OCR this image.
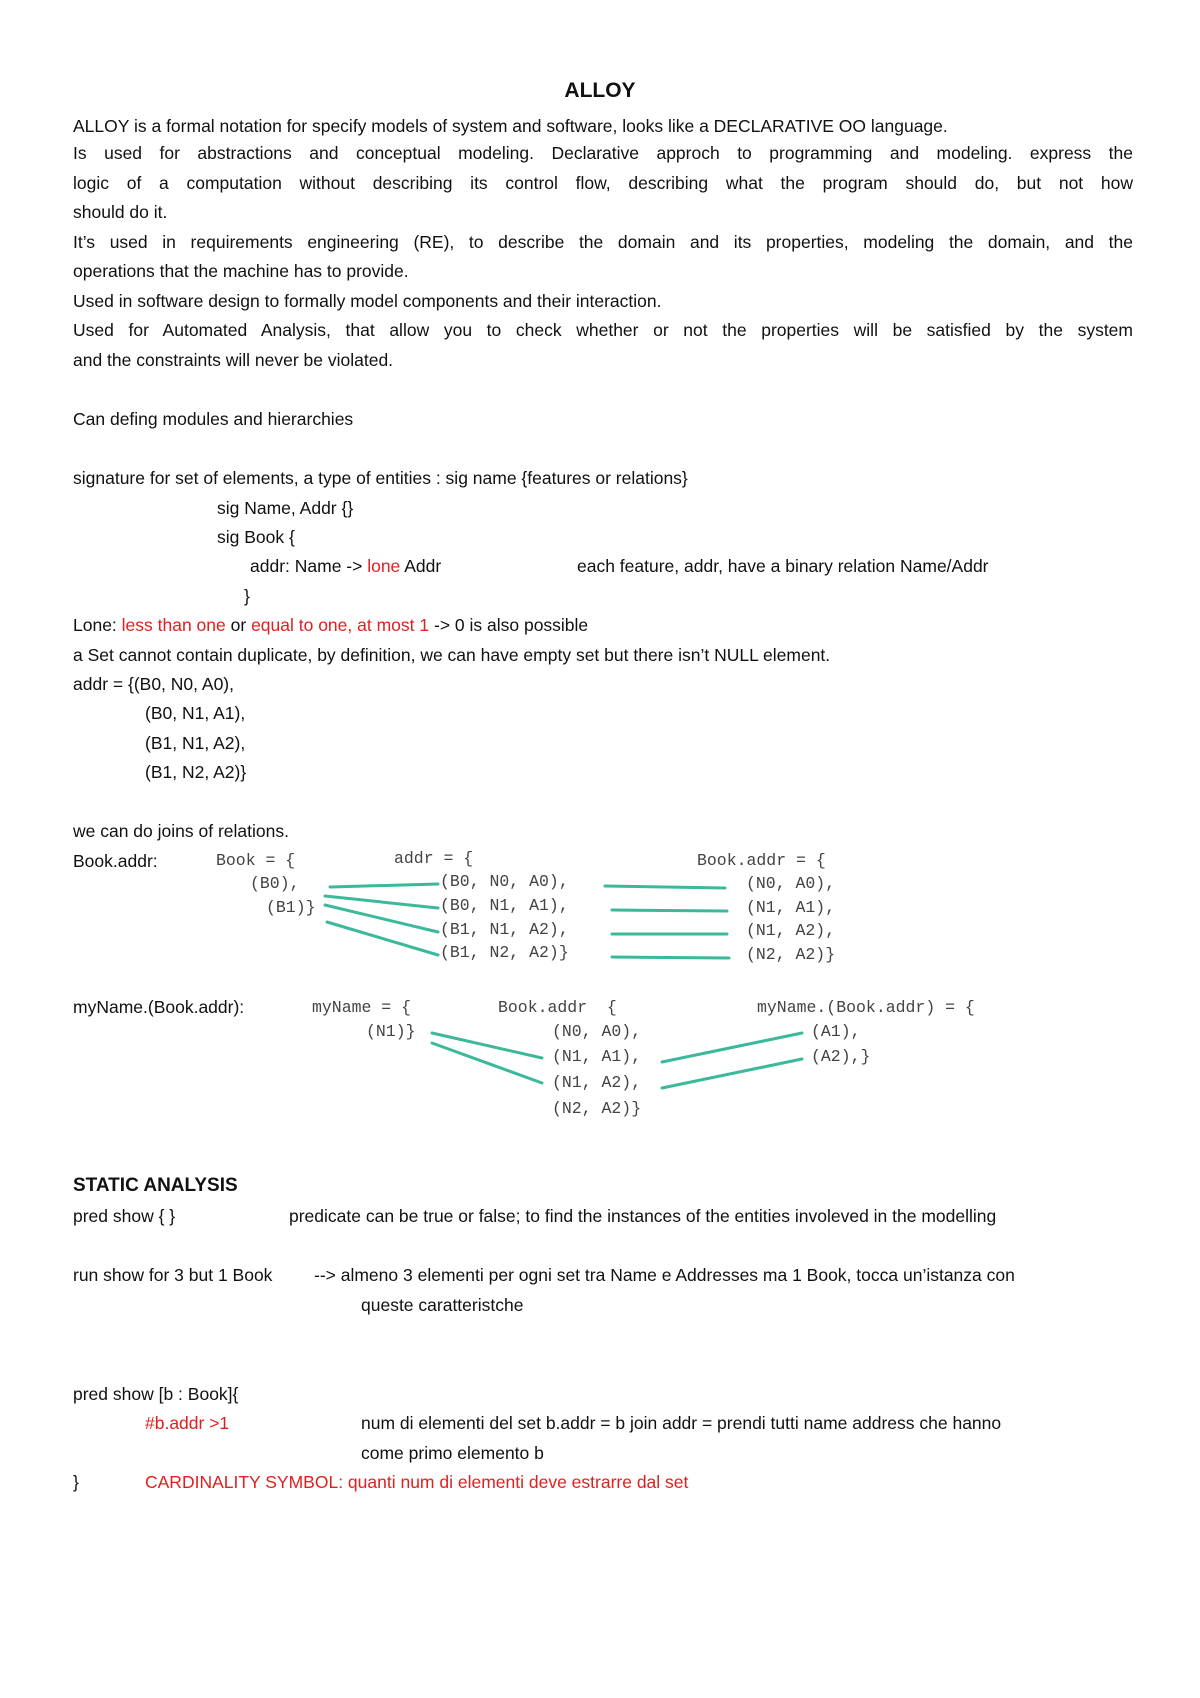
ALLOY
ALLOY is a formal notation for specify models of system and software, looks like a DECLARATIVE OO language.
Is used for abstractions and conceptual modeling. Declarative approch to programming and modeling. express the
logic of a computation without describing its control flow, describing what the program should do, but not how
should do it.
It’s used in requirements engineering (RE), to describe the domain and its properties, modeling the domain, and the
operations that the machine has to provide.
Used in software design to formally model components and their interaction.
Used for Automated Analysis, that allow you to check whether or not the properties will be satisfied by the system
and the constraints will never be violated.
Can defing modules and hierarchies
signature for set of elements, a type of entities : sig name {features or relations}
sig Name, Addr {}
sig Book {
addr: Name -> lone Addr	each feature, addr, have a binary relation Name/Addr
}
Lone: less than one or equal to one, at most 1 -> 0 is also possible
a Set cannot contain duplicate, by definition, we can have empty set but there isn’t NULL element.
addr = {(B0, N0, A0),
(B0, N1, A1),
(B1, N1, A2),
(B1, N2, A2)}
we can do joins of relations.
Book.addr:	Book = {
(B0),
(B1)}
addr = {
(B0, N0, A0),
(B0, N1, A1),
(B1, N1, A2),
(B1, N2, A2)}
Book.addr = {
(N0, A0),
(N1, A1),
(N1, A2),
(N2, A2)}
myName.(Book.addr):	myName = {
(N1)}
Book.addr  {
(N0, A0),
(N1, A1),
(N1, A2),
(N2, A2)}
myName.(Book.addr) = {
(A1),
(A2),}
STATIC ANALYSIS
pred show { }	predicate can be true or false; to find the instances of the entities involeved in the modelling
run show for 3 but 1 Book --> almeno 3 elementi per ogni set tra Name e Addresses ma 1 Book, tocca un’istanza con
queste caratteristche
pred show [b : Book]{
#b.addr >1	num di elementi del set b.addr = b join addr = prendi tutti name address che hanno
come primo elemento b
}	CARDINALITY SYMBOL: quanti num di elementi deve estrarre dal set
